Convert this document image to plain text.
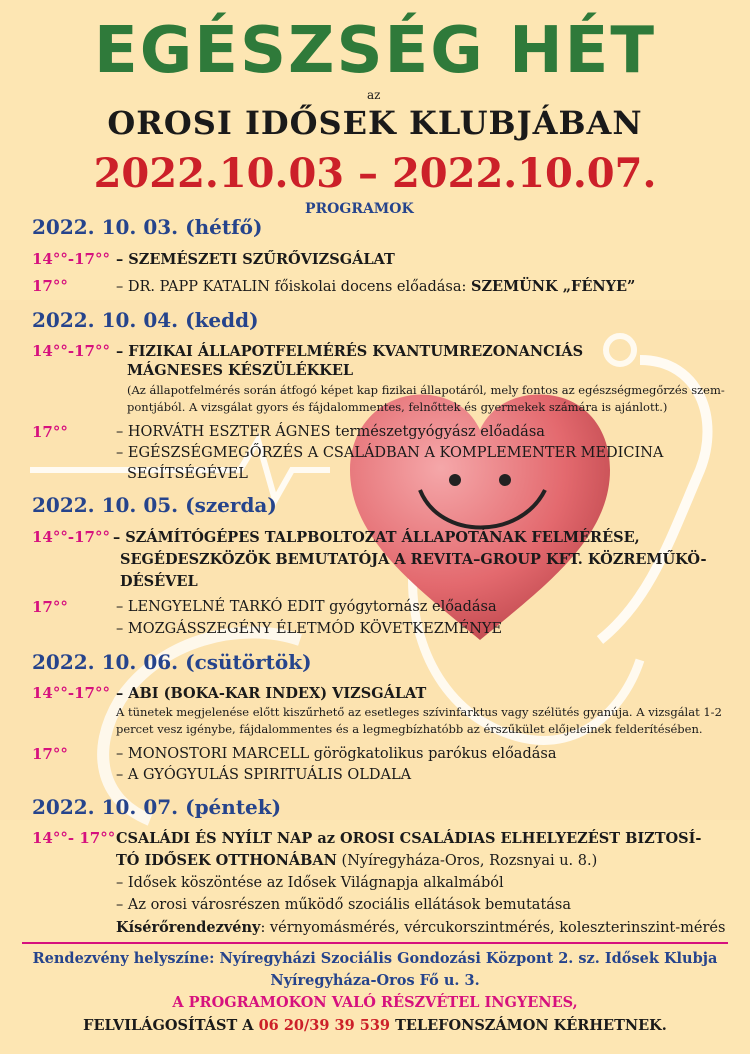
EGÉSZSÉG HÉT
az
OROSI IDŐSEK KLUBJÁBAN
2022.10.03 – 2022.10.07.
PROGRAMOK
2022. 10. 03. (hétfő)
14°°-17°° – SZEMÉSZETI SZŰRŐVIZSGÁLAT
17°°	– DR. PAPP KATALIN főiskolai docens előadása: SZEMÜNK „FÉNYE”
2022. 10. 04. (kedd)
14°°-17°° – FIZIKAI ÁLLAPOTFELMÉRÉS KVANTUMREZONANCIÁS
MÁGNESES KÉSZÜLÉKKEL
(Az állapotfelmérés során átfogó képet kap fizikai állapotáról, mely fontos az egészségmegőrzés szem-
pontjából. A vizsgálat gyors és fájdalommentes, felnőttek és gyermekek számára is ajánlott.)
17°°	– HORVÁTH ESZTER ÁGNES természetgyógyász előadása
– EGÉSZSÉGMEGŐRZÉS A CSALÁDBAN A KOMPLEMENTER MEDICINA
SEGÍTSÉGÉVEL
2022. 10. 05. (szerda)
14°°-17°° – SZÁMÍTÓGÉPES TALPBOLTOZAT ÁLLAPOTÁNAK FELMÉRÉSE,
SEGÉDESZKÖZÖK BEMUTATÓJA A REVITA–GROUP KFT. KÖZREMŰKÖ-
DÉSÉVEL
17°°	– LENGYELNÉ TARKÓ EDIT gyógytornász előadása
– MOZGÁSSZEGÉNY ÉLETMÓD KÖVETKEZMÉNYE
2022. 10. 06. (csütörtök)
14°°-17°° – ABI (BOKA-KAR INDEX) VIZSGÁLAT
A tünetek megjelenése előtt kiszűrhető az esetleges szívinfarktus vagy szélütés gyanúja. A vizsgálat 1-2
percet vesz igénybe, fájdalommentes és a legmegbízhatóbb az érszűkület előjeleinek felderítésében.
17°°	– MONOSTORI MARCELL görögkatolikus parókus előadása
– A GYÓGYULÁS SPIRITUÁLIS OLDALA
2022. 10. 07. (péntek)
14°°- 17°° CSALÁDI ÉS NYÍLT NAP az OROSI CSALÁDIAS ELHELYEZÉST BIZTOSÍ-
TÓ IDŐSEK OTTHONÁBAN (Nyíregyháza-Oros, Rozsnyai u. 8.)
– Idősek köszöntése az Idősek Világnapja alkalmából
– Az orosi városrészen működő szociális ellátások bemutatása
Kísérőrendezvény: vérnyomásmérés, vércukorszintmérés, koleszterinszint-mérés
Rendezvény helyszíne: Nyíregyházi Szociális Gondozási Központ 2. sz. Idősek Klubja
Nyíregyháza-Oros Fő u. 3.
A PROGRAMOKON VALÓ RÉSZVÉTEL INGYENES,
FELVILÁGOSÍTÁST A 06 20/39 39 539 TELEFONSZÁMON KÉRHETNEK.
